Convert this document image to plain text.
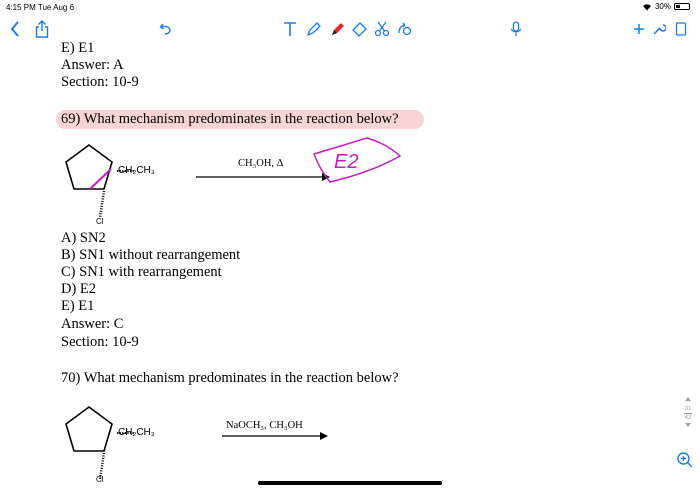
4:15 PM Tue Aug 6	30%
E) E1
Answer: A
Section: 10-9
69) What mechanism predominates in the reaction below?
CH₂CH₃
Cl
CH₃OH, Δ	E2
A) SN2
B) SN1 without rearrangement
C) SN1 with rearrangement
D) E2
E) E1
Answer: C
Section: 10-9
70) What mechanism predominates in the reaction below?
CH₂CH₃
Cl
NaOCH₃, CH₃OH
31
42
